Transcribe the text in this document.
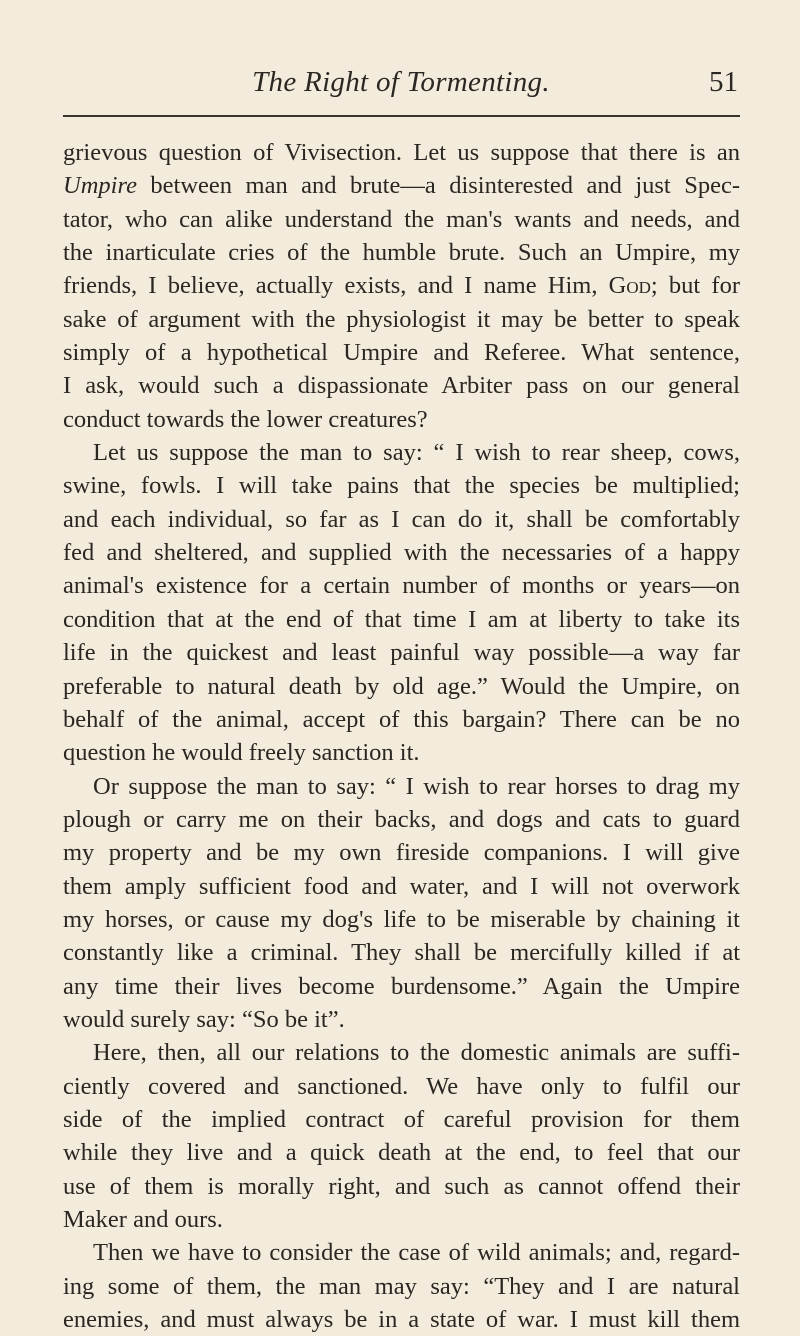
The Right of Tormenting.	51
grievous question of Vivisection. Let us suppose that there is an
Umpire between man and brute—a disinterested and just Spec-
tator, who can alike understand the man's wants and needs, and
the inarticulate cries of the humble brute. Such an Umpire, my
friends, I believe, actually exists, and I name Him, God; but for
sake of argument with the physiologist it may be better to speak
simply of a hypothetical Umpire and Referee. What sentence,
I ask, would such a dispassionate Arbiter pass on our general
conduct towards the lower creatures?
Let us suppose the man to say: “ I wish to rear sheep, cows,
swine, fowls. I will take pains that the species be multiplied;
and each individual, so far as I can do it, shall be comfortably
fed and sheltered, and supplied with the necessaries of a happy
animal's existence for a certain number of months or years—on
condition that at the end of that time I am at liberty to take its
life in the quickest and least painful way possible—a way far
preferable to natural death by old age.” Would the Umpire, on
behalf of the animal, accept of this bargain? There can be no
question he would freely sanction it.
Or suppose the man to say: “ I wish to rear horses to drag my
plough or carry me on their backs, and dogs and cats to guard
my property and be my own fireside companions. I will give
them amply sufficient food and water, and I will not overwork
my horses, or cause my dog's life to be miserable by chaining it
constantly like a criminal. They shall be mercifully killed if at
any time their lives become burdensome.” Again the Umpire
would surely say: “So be it”.
Here, then, all our relations to the domestic animals are suffi-
ciently covered and sanctioned. We have only to fulfil our
side of the implied contract of careful provision for them
while they live and a quick death at the end, to feel that our
use of them is morally right, and such as cannot offend their
Maker and ours.
Then we have to consider the case of wild animals; and, regard-
ing some of them, the man may say: “They and I are natural
enemies, and must always be in a state of war. I must kill them
